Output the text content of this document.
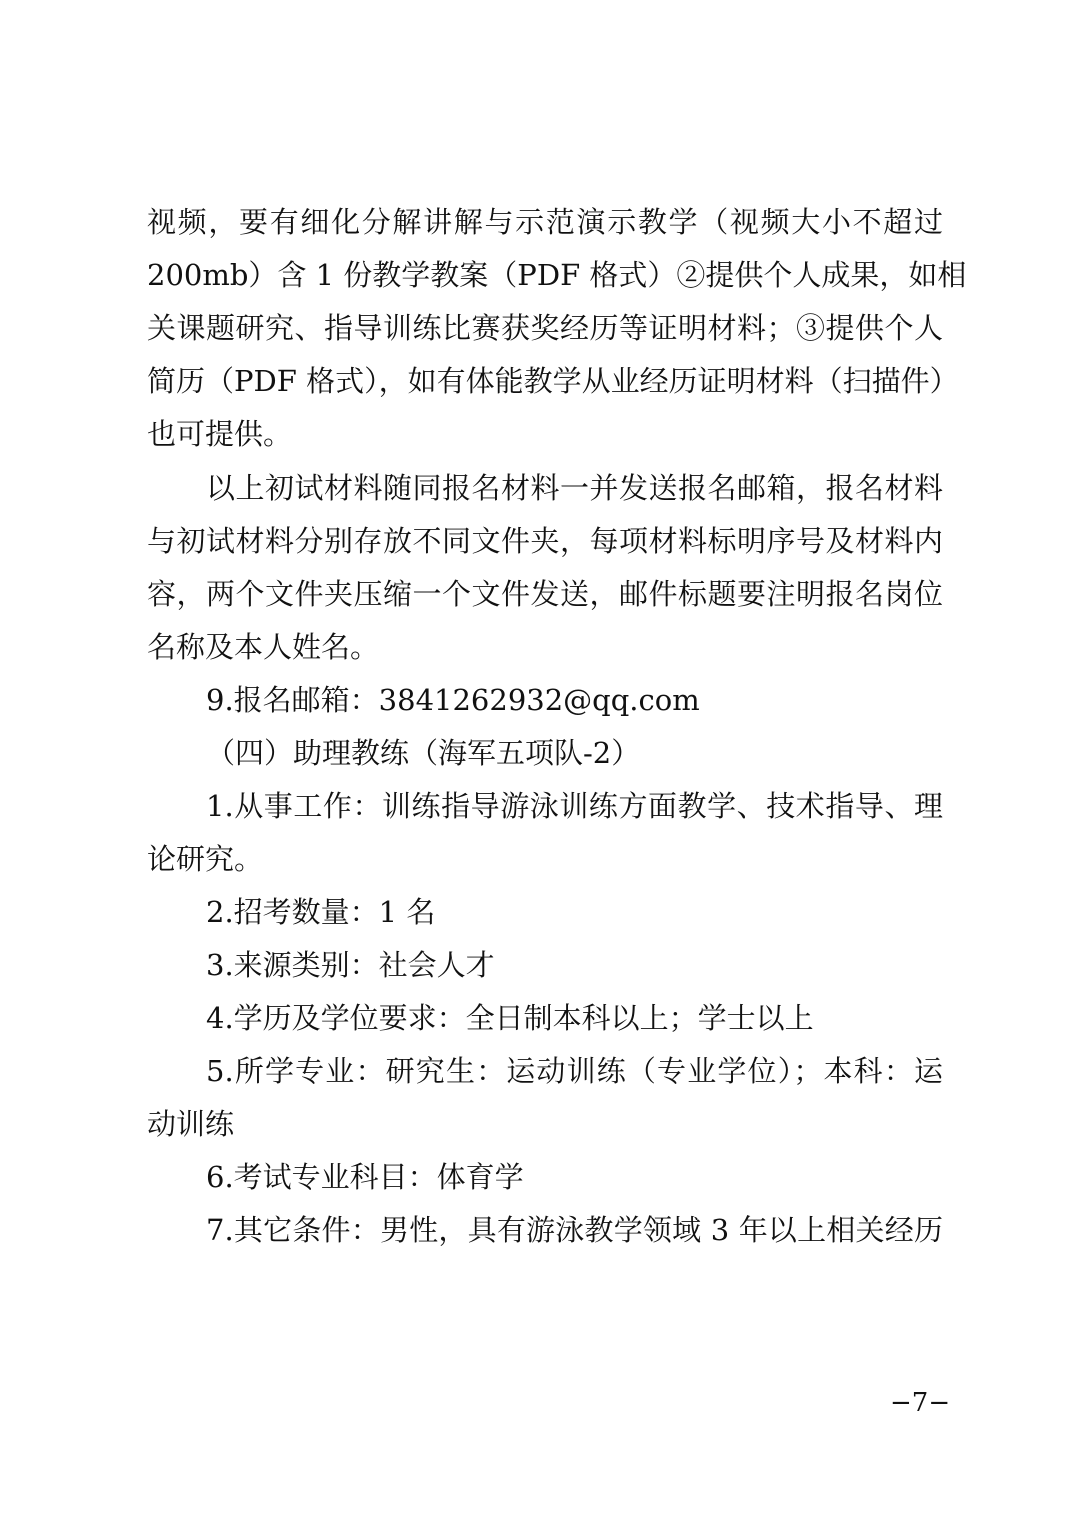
视频，要有细化分解讲解与示范演示教学（视频大小不超过
200mb）含 1 份教学教案（PDF 格式）②提供个人成果，如相
关课题研究、指导训练比赛获奖经历等证明材料；③提供个人
简历（PDF 格式），如有体能教学从业经历证明材料（扫描件）
也可提供。
以上初试材料随同报名材料一并发送报名邮箱，报名材料
与初试材料分别存放不同文件夹，每项材料标明序号及材料内
容，两个文件夹压缩一个文件发送，邮件标题要注明报名岗位
名称及本人姓名。
9.报名邮箱：3841262932@qq.com
（四）助理教练（海军五项队-2）
1.从事工作：训练指导游泳训练方面教学、技术指导、理
论研究。
2.招考数量：1 名
3.来源类别：社会人才
4.学历及学位要求：全日制本科以上；学士以上
5.所学专业：研究生：运动训练（专业学位）；本科：运
动训练
6.考试专业科目：体育学
7.其它条件：男性，具有游泳教学领域 3 年以上相关经历
−7−
